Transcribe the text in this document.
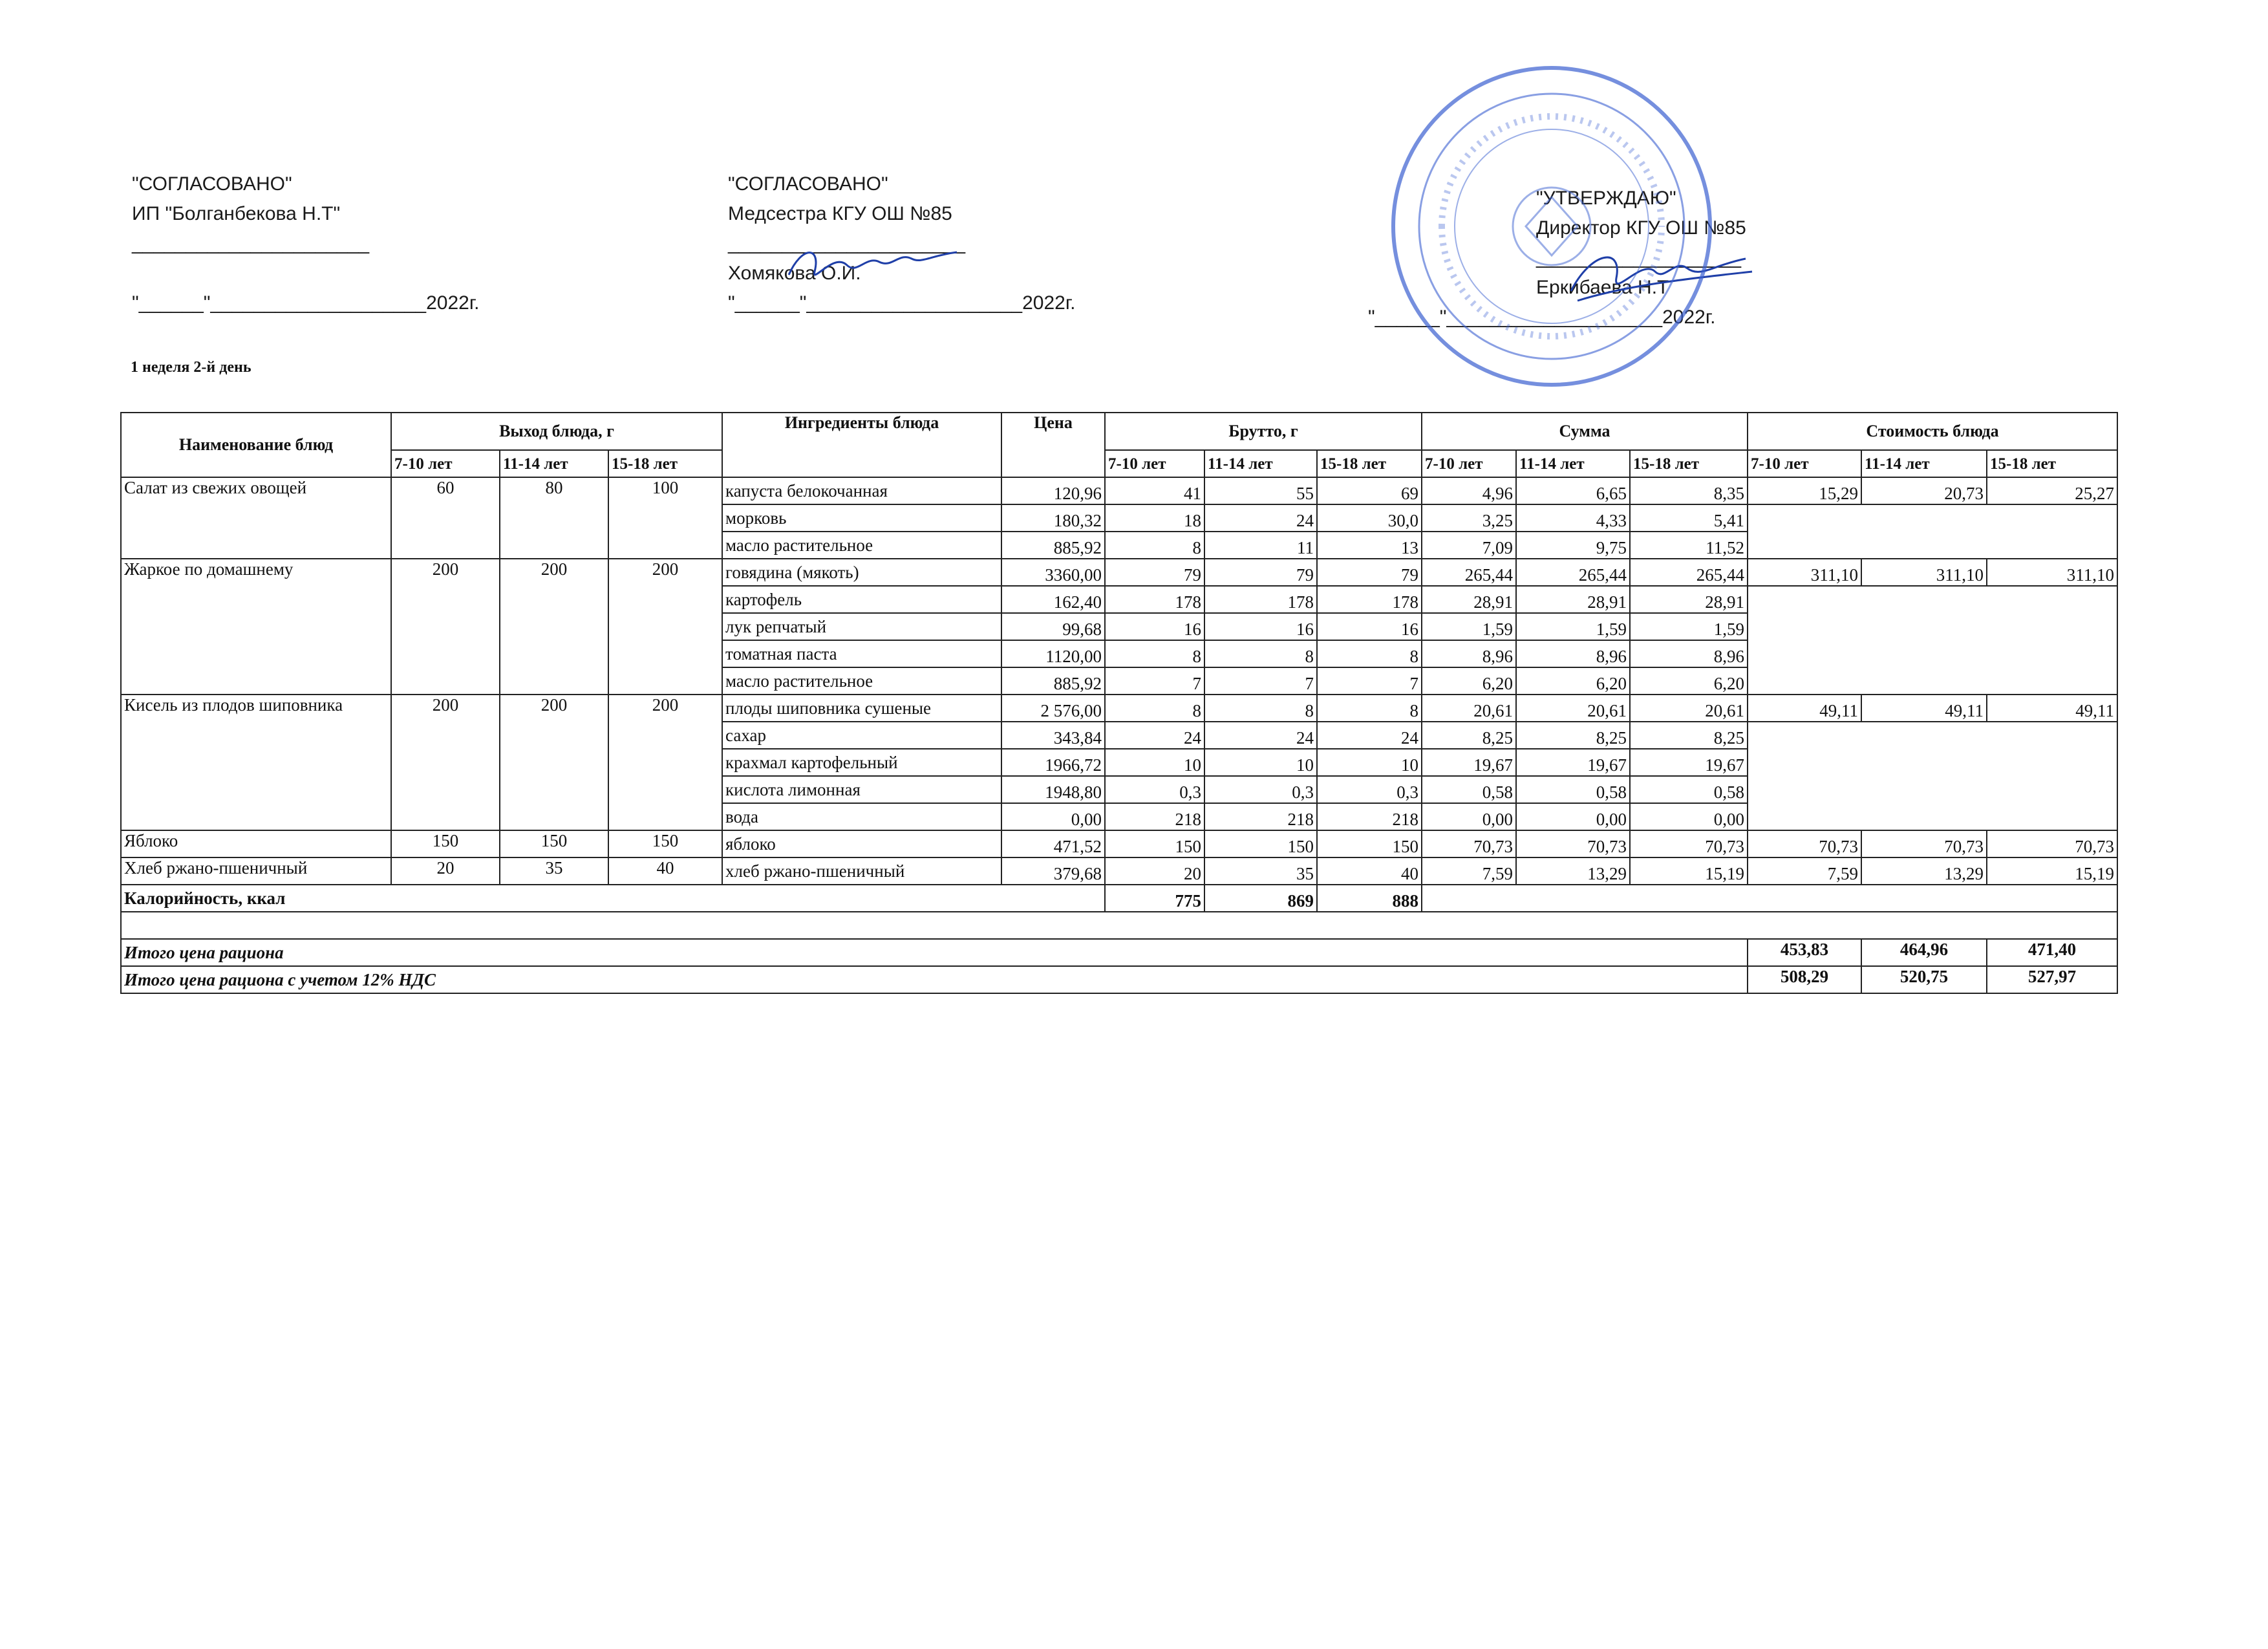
"СОГЛАСОВАНО"
ИП "Болганбекова Н.Т"
______________________
"______"____________________2022г.
"СОГЛАСОВАНО"
Медсестра КГУ ОШ №85
______________________
Хомякова О.И.
"______"____________________2022г.
"УТВЕРЖДАЮ"
Директор КГУ ОШ №85
___________________
Еркибаева Н.Т
"______"____________________2022г.
1 неделя 2-й день
Наименование блюд	Выход блюда, г			Ингредиенты блюда	Цена	Брутто, г			Сумма			Стоимость блюда		
	7-10 лет	11-14 лет	15-18 лет			7-10 лет	11-14 лет	15-18 лет	7-10 лет	11-14 лет	15-18 лет	7-10 лет	11-14 лет	15-18 лет
Салат из свежих овощей	60	80	100	капуста белокочанная	120,96	41	55	69	4,96	6,65	8,35	15,29	20,73	25,27
				морковь	180,32	18	24	30,0	3,25	4,33	5,41			
				масло растительное	885,92	8	11	13	7,09	9,75	11,52			
Жаркое по домашнему	200	200	200	говядина (мякоть)	3360,00	79	79	79	265,44	265,44	265,44	311,10	311,10	311,10
				картофель	162,40	178	178	178	28,91	28,91	28,91			
				лук репчатый	99,68	16	16	16	1,59	1,59	1,59			
				томатная паста	1120,00	8	8	8	8,96	8,96	8,96			
				масло растительное	885,92	7	7	7	6,20	6,20	6,20			
Кисель из плодов шиповника	200	200	200	плоды шиповника сушеные	2 576,00	8	8	8	20,61	20,61	20,61	49,11	49,11	49,11
				сахар	343,84	24	24	24	8,25	8,25	8,25			
				крахмал картофельный	1966,72	10	10	10	19,67	19,67	19,67			
				кислота лимонная	1948,80	0,3	0,3	0,3	0,58	0,58	0,58			
				вода	0,00	218	218	218	0,00	0,00	0,00			
Яблоко	150	150	150	яблоко	471,52	150	150	150	70,73	70,73	70,73	70,73	70,73	70,73
Хлеб ржано-пшеничный	20	35	40	хлеб ржано-пшеничный	379,68	20	35	40	7,59	13,29	15,19	7,59	13,29	15,19
Калорийность, ккал						775	869	888						

Итого цена рациона												453,83	464,96	471,40
Итого цена рациона с учетом 12% НДС												508,29	520,75	527,97
